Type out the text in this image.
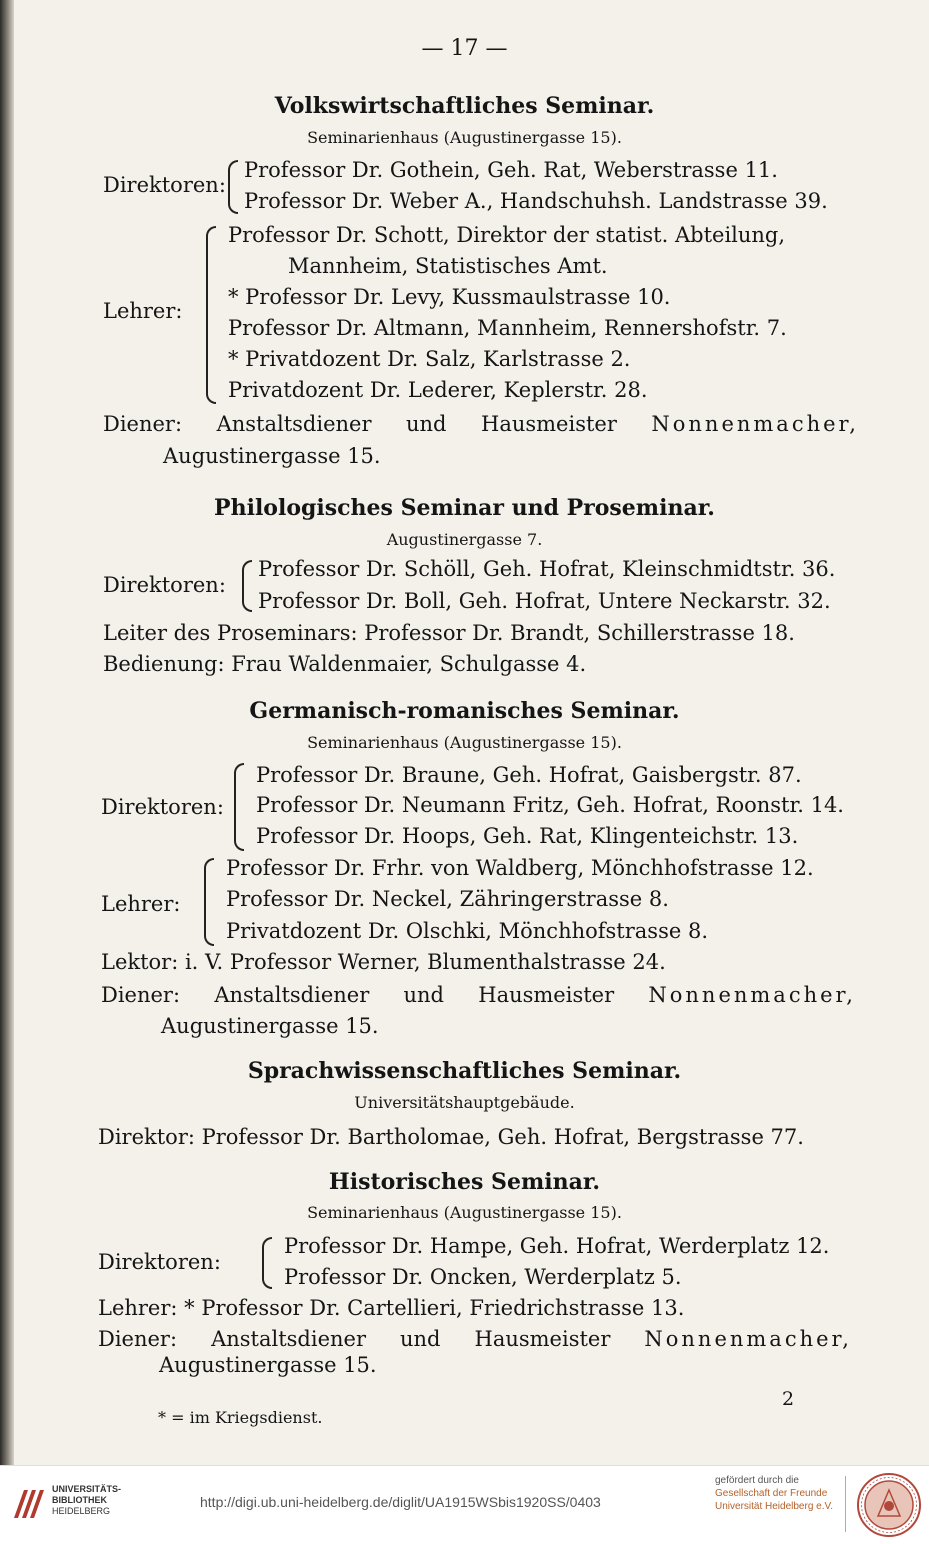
— 17 —
Volkswirtschaftliches Seminar.
Seminarienhaus (Augustinergasse 15).
Direktoren:
Professor Dr. Gothein, Geh. Rat, Weberstrasse 11.
Professor Dr. Weber A., Handschuhsh. Landstrasse 39.
Lehrer:
Professor Dr. Schott, Direktor der statist. Abteilung,
Mannheim, Statistisches Amt.
* Professor Dr. Levy, Kussmaulstrasse 10.
Professor Dr. Altmann, Mannheim, Rennershofstr. 7.
* Privatdozent Dr. Salz, Karlstrasse 2.
Privatdozent Dr. Lederer, Keplerstr. 28.
Diener: Anstaltsdiener und Hausmeister Nonnenmacher,
Augustinergasse 15.
Philologisches Seminar und Proseminar.
Augustinergasse 7.
Direktoren:
Professor Dr. Schöll, Geh. Hofrat, Kleinschmidtstr. 36.
Professor Dr. Boll, Geh. Hofrat, Untere Neckarstr. 32.
Leiter des Proseminars: Professor Dr. Brandt, Schillerstrasse 18.
Bedienung: Frau Waldenmaier, Schulgasse 4.
Germanisch-romanisches Seminar.
Seminarienhaus (Augustinergasse 15).
Direktoren:
Professor Dr. Braune, Geh. Hofrat, Gaisbergstr. 87.
Professor Dr. Neumann Fritz, Geh. Hofrat, Roonstr. 14.
Professor Dr. Hoops, Geh. Rat, Klingenteichstr. 13.
Lehrer:
Professor Dr. Frhr. von Waldberg, Mönchhofstrasse 12.
Professor Dr. Neckel, Zähringerstrasse 8.
Privatdozent Dr. Olschki, Mönchhofstrasse 8.
Lektor: i. V. Professor Werner, Blumenthalstrasse 24.
Diener: Anstaltsdiener und Hausmeister Nonnenmacher,
Augustinergasse 15.
Sprachwissenschaftliches Seminar.
Universitätshauptgebäude.
Direktor: Professor Dr. Bartholomae, Geh. Hofrat, Bergstrasse 77.
Historisches Seminar.
Seminarienhaus (Augustinergasse 15).
Direktoren:
Professor Dr. Hampe, Geh. Hofrat, Werderplatz 12.
Professor Dr. Oncken, Werderplatz 5.
Lehrer: * Professor Dr. Cartellieri, Friedrichstrasse 13.
Diener: Anstaltsdiener und Hausmeister Nonnenmacher,
Augustinergasse 15.
2
* = im Kriegsdienst.
UNIVERSITÄTS-
BIBLIOTHEK
HEIDELBERG
http://digi.ub.uni-heidelberg.de/diglit/UA1915WSbis1920SS/0403
gefördert durch die
Gesellschaft der Freunde
Universität Heidelberg e.V.
